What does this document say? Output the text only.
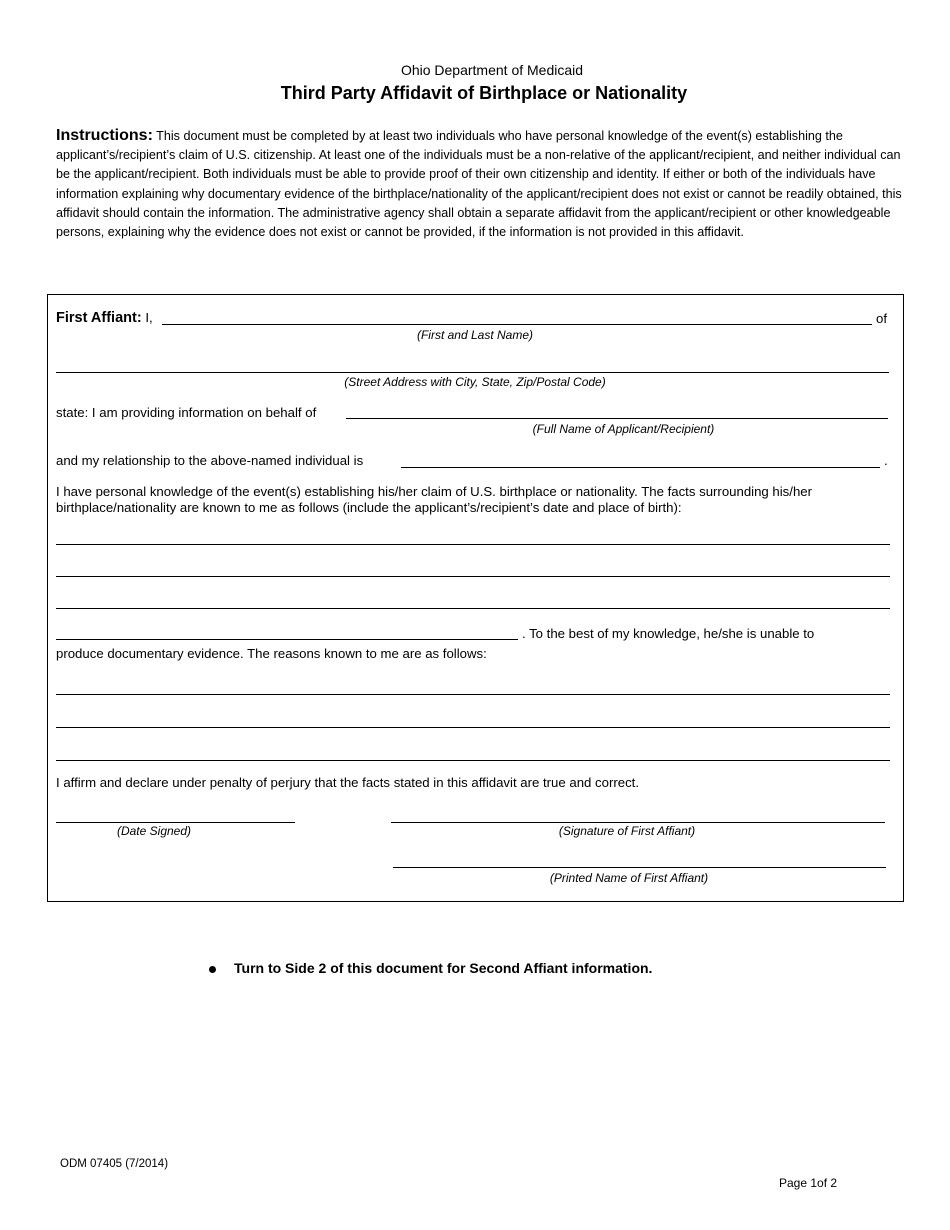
Ohio Department of Medicaid
Third Party Affidavit of Birthplace or Nationality
Instructions: This document must be completed by at least two individuals who have personal knowledge of the event(s) establishing the applicant’s/recipient’s claim of U.S. citizenship. At least one of the individuals must be a non-relative of the applicant/recipient, and neither individual can be the applicant/recipient. Both individuals must be able to provide proof of their own citizenship and identity. If either or both of the individuals have information explaining why documentary evidence of the birthplace/nationality of the applicant/recipient does not exist or cannot be readily obtained, this affidavit should contain the information. The administrative agency shall obtain a separate affidavit from the applicant/recipient or other knowledgeable persons, explaining why the evidence does not exist or cannot be provided, if the information is not provided in this affidavit.
First Affiant: I,	of
(First and Last Name)
(Street Address with City, State, Zip/Postal Code)
state: I am providing information on behalf of
(Full Name of Applicant/Recipient)
and my relationship to the above-named individual is	.
I have personal knowledge of the event(s) establishing his/her claim of U.S. birthplace or nationality. The facts surrounding his/her birthplace/nationality are known to me as follows (include the applicant’s/recipient’s date and place of birth):
. To the best of my knowledge, he/she is unable to
produce documentary evidence. The reasons known to me are as follows:
I affirm and declare under penalty of perjury that the facts stated in this affidavit are true and correct.
(Date Signed)	(Signature of First Affiant)
(Printed Name of First Affiant)
Turn to Side 2 of this document for Second Affiant information.
ODM 07405 (7/2014)
Page 1of 2
